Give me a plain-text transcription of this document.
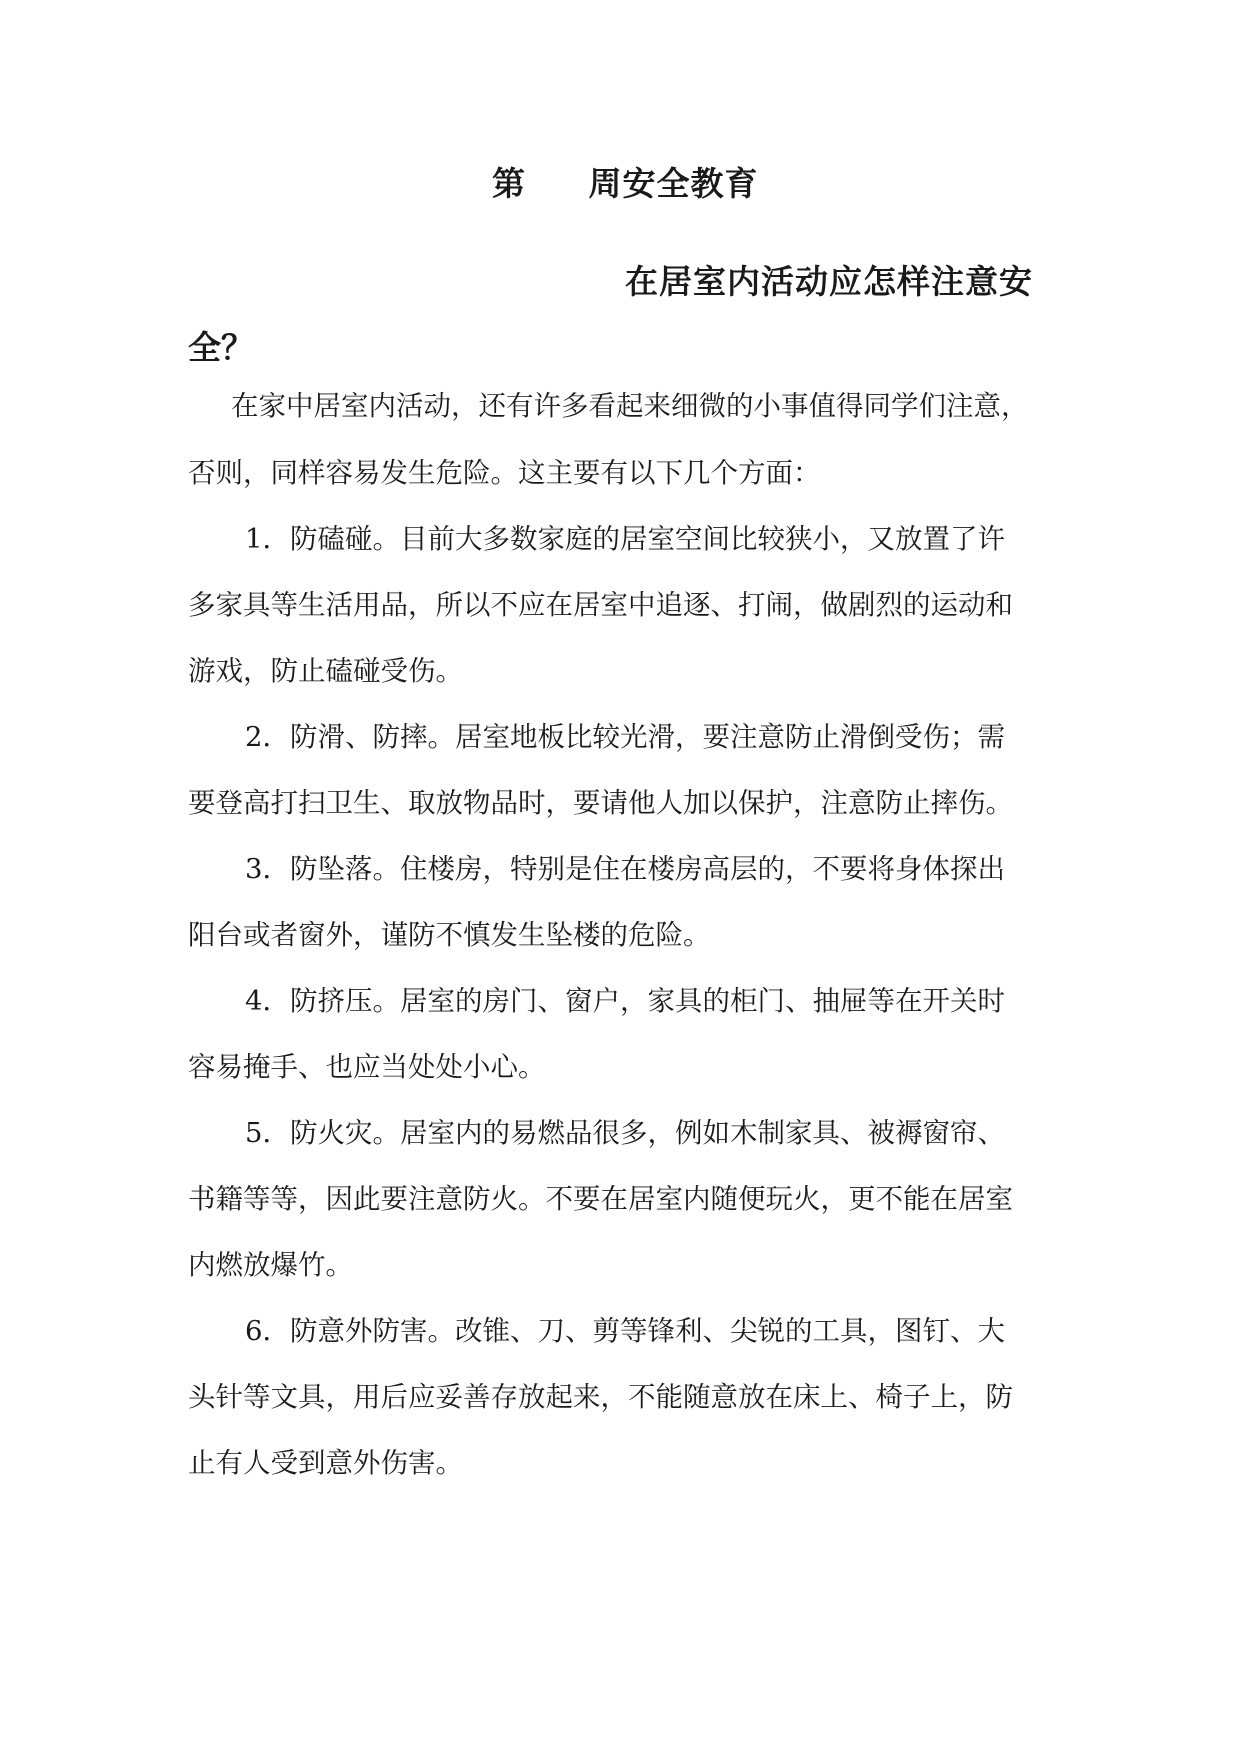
第     周安全教育
在居室内活动应怎样注意安
全？
在家中居室内活动，还有许多看起来细微的小事值得同学们注意，
否则，同样容易发生危险。这主要有以下几个方面：
1．防磕碰。目前大多数家庭的居室空间比较狭小，又放置了许
多家具等生活用品，所以不应在居室中追逐、打闹，做剧烈的运动和
游戏，防止磕碰受伤。
2．防滑、防摔。居室地板比较光滑，要注意防止滑倒受伤；需
要登高打扫卫生、取放物品时，要请他人加以保护，注意防止摔伤。
3．防坠落。住楼房，特别是住在楼房高层的，不要将身体探出
阳台或者窗外，谨防不慎发生坠楼的危险。
4．防挤压。居室的房门、窗户，家具的柜门、抽屉等在开关时
容易掩手、也应当处处小心。
5．防火灾。居室内的易燃品很多，例如木制家具、被褥窗帘、
书籍等等，因此要注意防火。不要在居室内随便玩火，更不能在居室
内燃放爆竹。
6．防意外防害。改锥、刀、剪等锋利、尖锐的工具，图钉、大
头针等文具，用后应妥善存放起来，不能随意放在床上、椅子上，防
止有人受到意外伤害。
